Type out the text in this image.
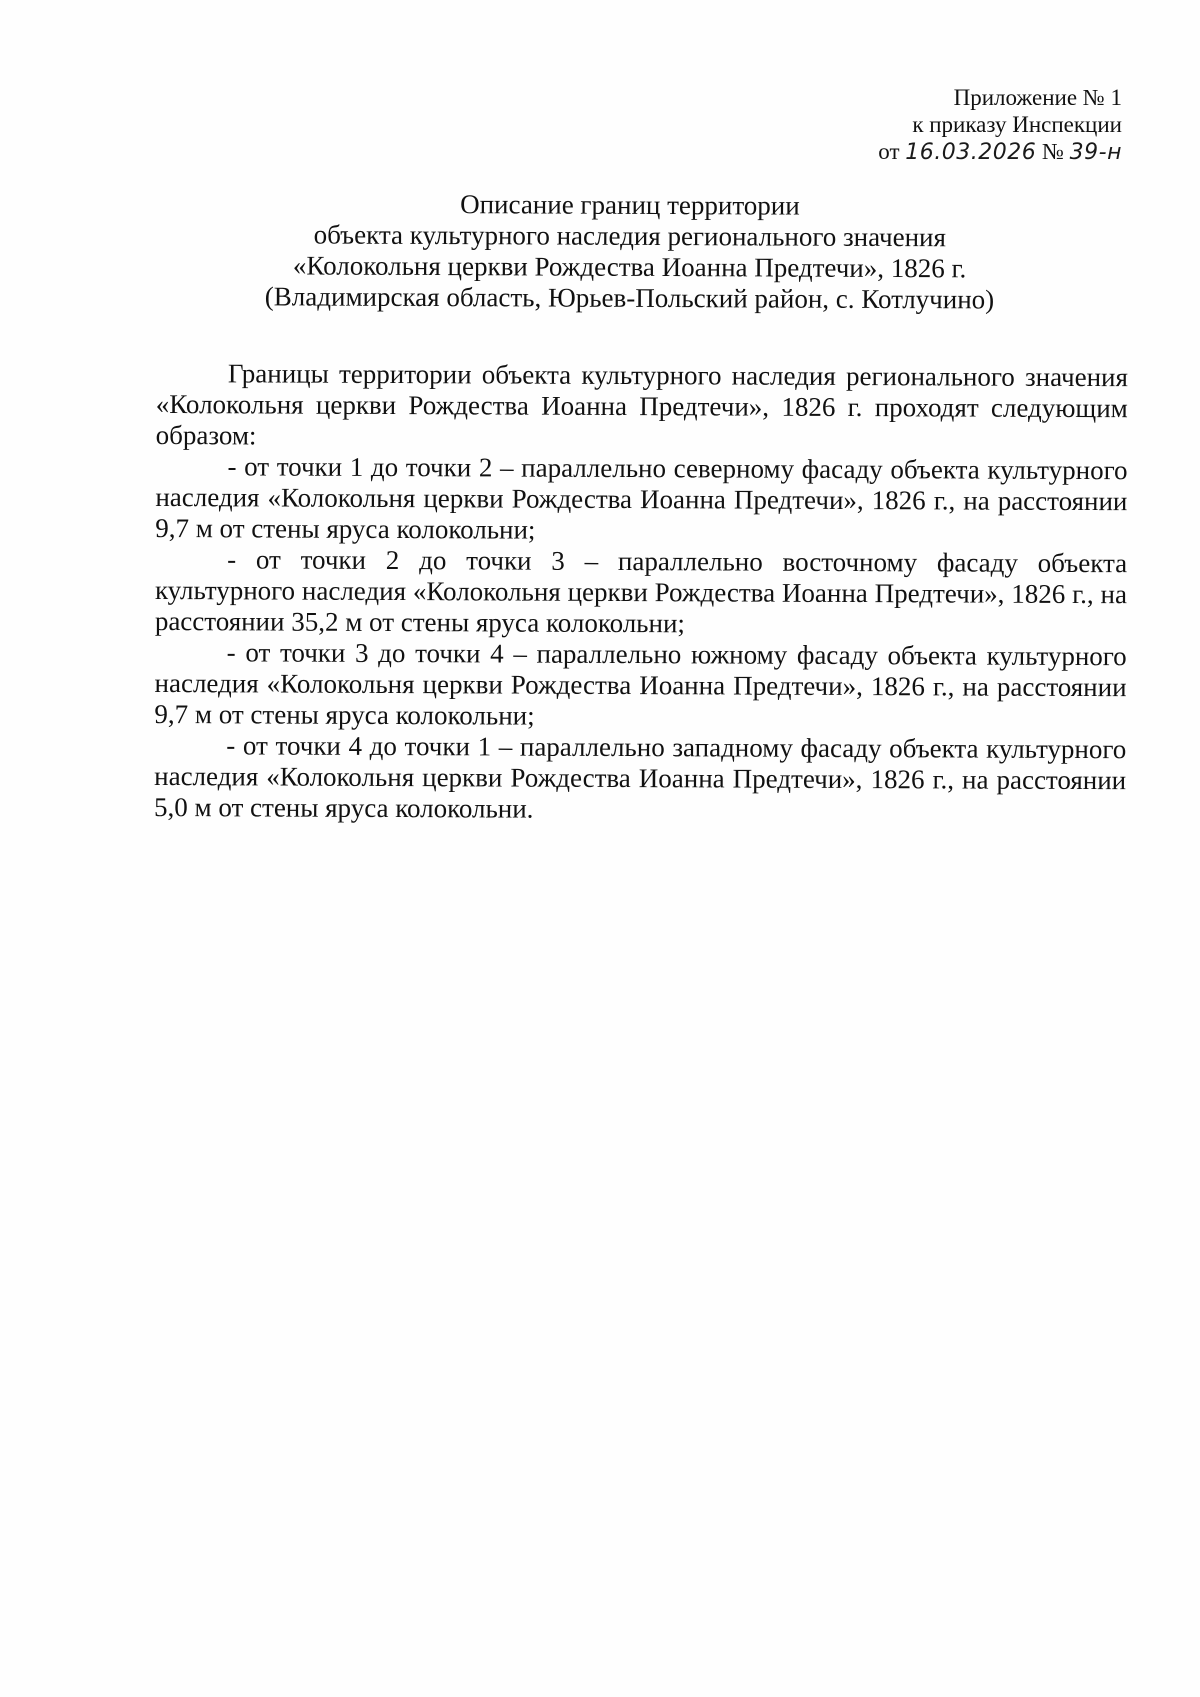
Приложение № 1
к приказу Инспекции
от 16.03.2026 № 39-н
Описание границ территории
объекта культурного наследия регионального значения
«Колокольня церкви Рождества Иоанна Предтечи», 1826 г.
(Владимирская область, Юрьев-Польский район, с. Котлучино)

Границы территории объекта культурного наследия регионального значения «Колокольня церкви Рождества Иоанна Предтечи», 1826 г. проходят следующим образом:

- от точки 1 до точки 2 – параллельно северному фасаду объекта культурного наследия «Колокольня церкви Рождества Иоанна Предтечи», 1826 г., на расстоянии 9,7 м от стены яруса колокольни;

- от точки 2 до точки 3 – параллельно восточному фасаду объекта культурного наследия «Колокольня церкви Рождества Иоанна Предтечи», 1826 г., на расстоянии 35,2 м от стены яруса колокольни;

- от точки 3 до точки 4 – параллельно южному фасаду объекта культурного наследия «Колокольня церкви Рождества Иоанна Предтечи», 1826 г., на расстоянии 9,7 м от стены яруса колокольни;

- от точки 4 до точки 1 – параллельно западному фасаду объекта культурного наследия «Колокольня церкви Рождества Иоанна Предтечи», 1826 г., на расстоянии 5,0 м от стены яруса колокольни.
